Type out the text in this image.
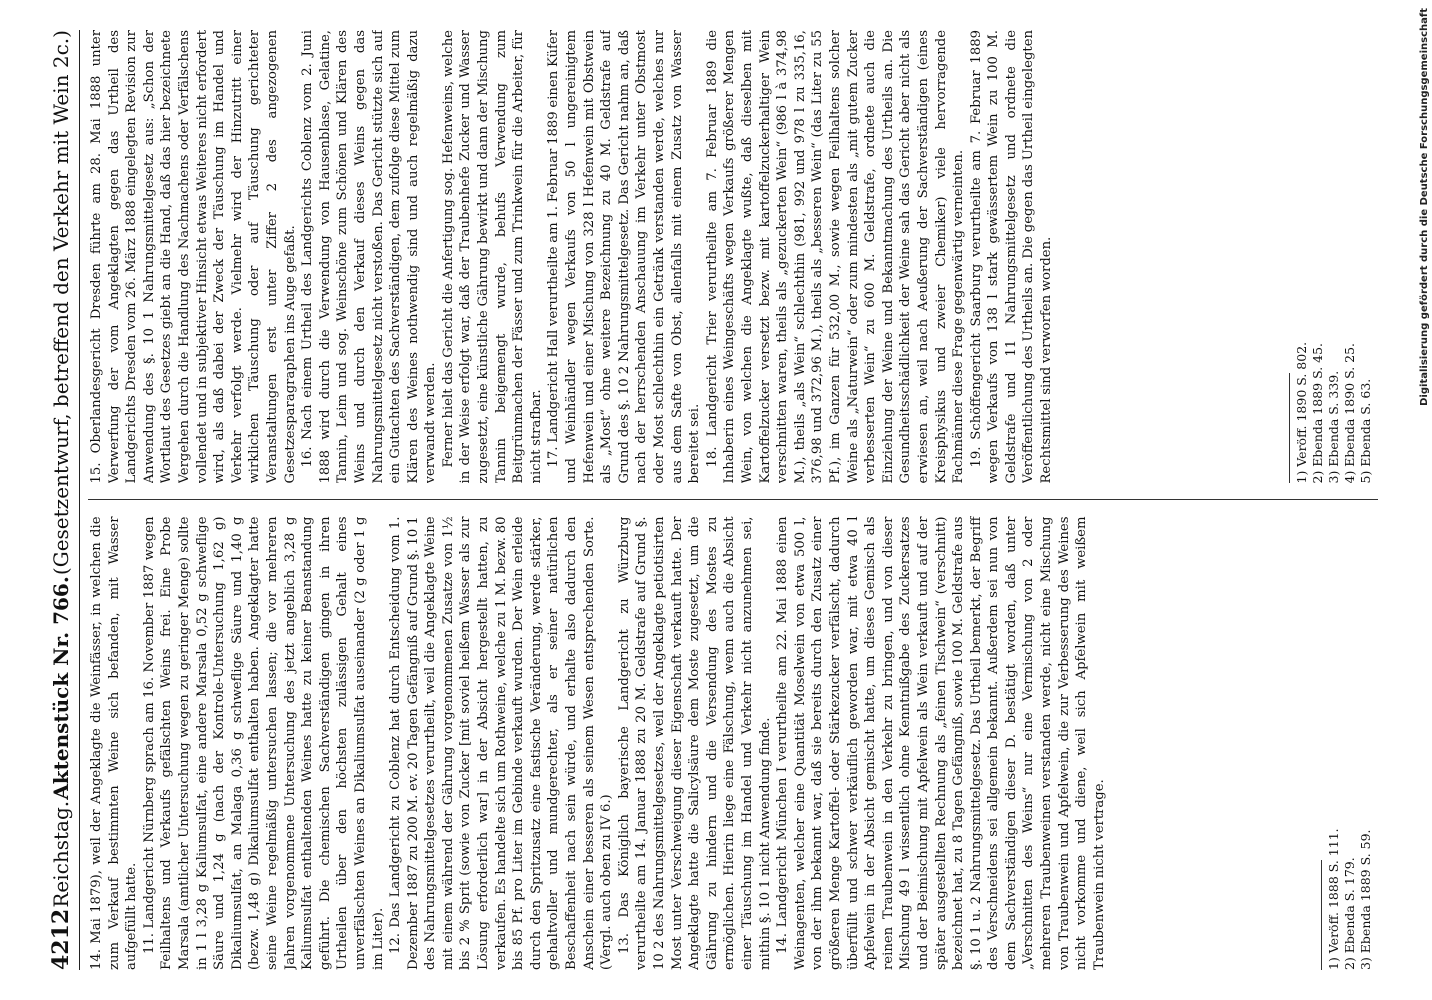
4212
Reichstag.
Aktenstück Nr. 766.
(Gesetzentwurf, betreffend den Verkehr mit Wein 2c.)

14. Mai 1879), weil der Angeklagte die Weinfässer, in welchen die zum Verkauf bestimmten Weine sich befanden, mit Wasser aufgefüllt hatte. 11. Landgericht Nürnberg sprach am 16. November 1887 wegen Feilhaltens und Verkaufs gefälschten Weins frei. Eine Probe Marsala (amtlicher Untersuchung wegen zu geringer Menge) sollte in 1 l 3,28 g Kaliumsulfat, eine andere Marsala 0,52 g schweflige Säure und 1,24 g (nach der Kontrole-Untersuchung 1,62 g) Dikaliumsulfat, an Malaga 0,36 g schweflige Säure und 1,40 g (bezw. 1,48 g) Dikaliumsulfat enthalten haben. Angeklagter hatte seine Weine regelmäßig untersuchen lassen; die vor mehreren Jahren vorgenommene Untersuchung des jetzt angeblich 3,28 g Kaliumsulfat enthaltenden Weines hatte zu keiner Beanstandung geführt. Die chemischen Sachverständigen gingen in ihren Urtheilen über den höchsten zulässigen Gehalt eines unverfälschten Weines an Dikaliumsulfat auseinander (2 g oder 1 g im Liter). 12. Das Landgericht zu Coblenz hat durch Entscheidung vom 1. Dezember 1887 zu 200 M. ev. 20 Tagen Gefängniß auf Grund §. 10 1 des Nahrungsmittelgesetzes verurtheilt, weil die Angeklagte Weine mit einem während der Gährung vorgenommenen Zusatze von 1½ bis 2 % Sprit (sowie von Zucker [mit soviel heißem Wasser als zur Lösung erforderlich war] in der Absicht hergestellt hatten, zu verkaufen. Es handelte sich um Rothweine, welche zu 1 M. bezw. 80 bis 85 Pf. pro Liter im Gebinde verkauft wurden. Der Wein erleide durch den Spritzusatz eine fastische Veränderung, werde stärker, gehaltvoller und mundgerechter, als er seiner natürlichen Beschaffenheit nach sein würde, und erhalte also dadurch den Anschein einer besseren als seinem Wesen entsprechenden Sorte. (Vergl. auch oben zu IV 6.) 13. Das Königlich bayerische Landgericht zu Würzburg verurtheilte am 14. Januar 1888 zu 20 M. Geldstrafe auf Grund §. 10 2 des Nahrungsmittelgesetzes, weil der Angeklagte petiotisirten Most unter Verschweigung dieser Eigenschaft verkauft hatte. Der Angeklagte hatte die Salicylsäure dem Moste zugesetzt, um die Gährung zu hindern und die Versendung des Mostes zu ermöglichen. Hierin liege eine Fälschung, wenn auch die Absicht einer Täuschung im Handel und Verkehr nicht anzunehmen sei, mithin §. 10 1 nicht Anwendung finde. 14. Landgericht München I verurtheilte am 22. Mai 1888 einen Weinagenten, welcher eine Quantität Moselwein von etwa 500 l, von der ihm bekannt war, daß sie bereits durch den Zusatz einer größeren Menge Kartoffel- oder Stärkezucker verfälscht, dadurch überfüllt und schwer verkäuflich geworden war, mit etwa 40 l Apfelwein in der Absicht gemischt hatte, um dieses Gemisch als reinen Traubenwein in den Verkehr zu bringen, und von dieser Mischung 49 l wissentlich ohne Kenntnißgabe des Zuckersatzes und der Beimischung mit Apfelwein als Wein verkauft und auf der später ausgestellten Rechnung als „feinen Tischwein“ (verschnitt) bezeichnet hat, zu 8 Tagen Gefängniß, sowie 100 M. Geldstrafe aus §. 10 1 u. 2 Nahrungsmittelgesetz. Das Urtheil bemerkt, der Begriff des Verschneidens sei allgemein bekannt. Außerdem sei nun von dem Sachverständigen dieser D. bestätigt worden, daß unter „Verschnitten des Weins“ nur eine Vermischung von 2 oder mehreren Traubenweinen verstanden werde, nicht eine Mischung von Traubenwein und Apfelwein, die zur Verbesserung des Weines nicht vorkomme und diene, weil sich Apfelwein mit weißem Traubenwein nicht vertrage.	1) Veröff. 1888 S. 111. 2) Ebenda S. 179. 3) Ebenda 1889 S. 59.

15. Oberlandesgericht Dresden führte am 28. Mai 1888 unter Verwerfung der vom Angeklagten gegen das Urtheil des Landgerichts Dresden vom 26. März 1888 eingelegten Revision zur Anwendung des §. 10 1 Nahrungsmittelgesetz aus: „Schon der Wortlaut des Gesetzes giebt an die Hand, daß das hier bezeichnete Vergehen durch die Handlung des Nachmachens oder Verfälschens vollendet und in subjektiver Hinsicht etwas Weiteres nicht erfordert wird, als daß dabei der Zweck der Täuschung im Handel und Verkehr verfolgt werde. Vielmehr wird der Hinzutritt einer wirklichen Täuschung oder auf Täuschung gerichteter Veranstaltungen erst unter Ziffer 2 des angezogenen Gesetzesparagraphen ins Auge gefaßt. 16. Nach einem Urtheil des Landgerichts Coblenz vom 2. Juni 1888 wird durch die Verwendung von Hausenblase, Gelatine, Tannin, Leim und sog. Weinschöne zum Schönen und Klären des Weins und durch den Verkauf dieses Weins gegen das Nahrungsmittelgesetz nicht verstoßen. Das Gericht stützte sich auf ein Gutachten des Sachverständigen, dem zufolge diese Mittel zum Klären des Weines nothwendig sind und auch regelmäßig dazu verwandt werden. Ferner hielt das Gericht die Anfertigung sog. Hefenweins, welche in der Weise erfolgt war, daß der Traubenhefe Zucker und Wasser zugesetzt, eine künstliche Gährung bewirkt und dann der Mischung Tannin beigemengt wurde, behufs Verwendung zum Beitgrünmachen der Fässer und zum Trinkwein für die Arbeiter, für nicht strafbar. 17. Landgericht Hall verurtheilte am 1. Februar 1889 einen Küfer und Weinhändler wegen Verkaufs von 50 l ungereinigtem Hefenwein und einer Mischung von 328 l Hefenwein mit Obstwein als „Most“ ohne weitere Bezeichnung zu 40 M. Geldstrafe auf Grund des §. 10 2 Nahrungsmittelgesetz. Das Gericht nahm an, daß nach der herrschenden Anschauung im Verkehr unter Obstmost oder Most schlechthin ein Getränk verstanden werde, welches nur aus dem Safte von Obst, allenfalls mit einem Zusatz von Wasser bereitet sei. 18. Landgericht Trier verurtheilte am 7. Februar 1889 die Inhaberin eines Weingeschäfts wegen Verkaufs größerer Mengen Wein, von welchen die Angeklagte wußte, daß dieselben mit Kartoffelzucker versetzt bezw. mit kartoffelzuckerhaltiger Wein verschnitten waren, theils als „gezuckerten Wein“ (986 l à 374,98 M.), theils „als Wein“ schlechthin (981, 992 und 978 l zu 335,16, 376,98 und 372,96 M.), theils als „besseren Wein“ (das Liter zu 55 Pf.), im Ganzen für 532,00 M., sowie wegen Feilhaltens solcher Weine als „Naturwein“ oder zum mindesten als „mit gutem Zucker verbesserten Wein“ zu 600 M. Geldstrafe, ordnete auch die Einziehung der Weine und Bekanntmachung des Urtheils an. Die Gesundheitsschädlichkeit der Weine sah das Gericht aber nicht als erwiesen an, weil nach Aeußerung der Sachverständigen (eines Kreisphysikus und zweier Chemiker) viele hervorragende Fachmänner diese Frage gegenwärtig verneinten. 19. Schöffengericht Saarburg verurtheilte am 7. Februar 1889 wegen Verkaufs von 138 l stark gewässertem Wein zu 100 M. Geldstrafe und 11 Nahrungsmittelgesetz und ordnete die Veröffentlichung des Urtheils an. Die gegen das Urtheil eingelegten Rechtsmittel sind verworfen worden.	1) Veröff. 1890 S. 802. 2) Ebenda 1889 S. 45. 3) Ebenda S. 339. 4) Ebenda 1890 S. 25. 5) Ebenda S. 63.
Digitalisierung gefördert durch die Deutsche Forschungsgemeinschaft
